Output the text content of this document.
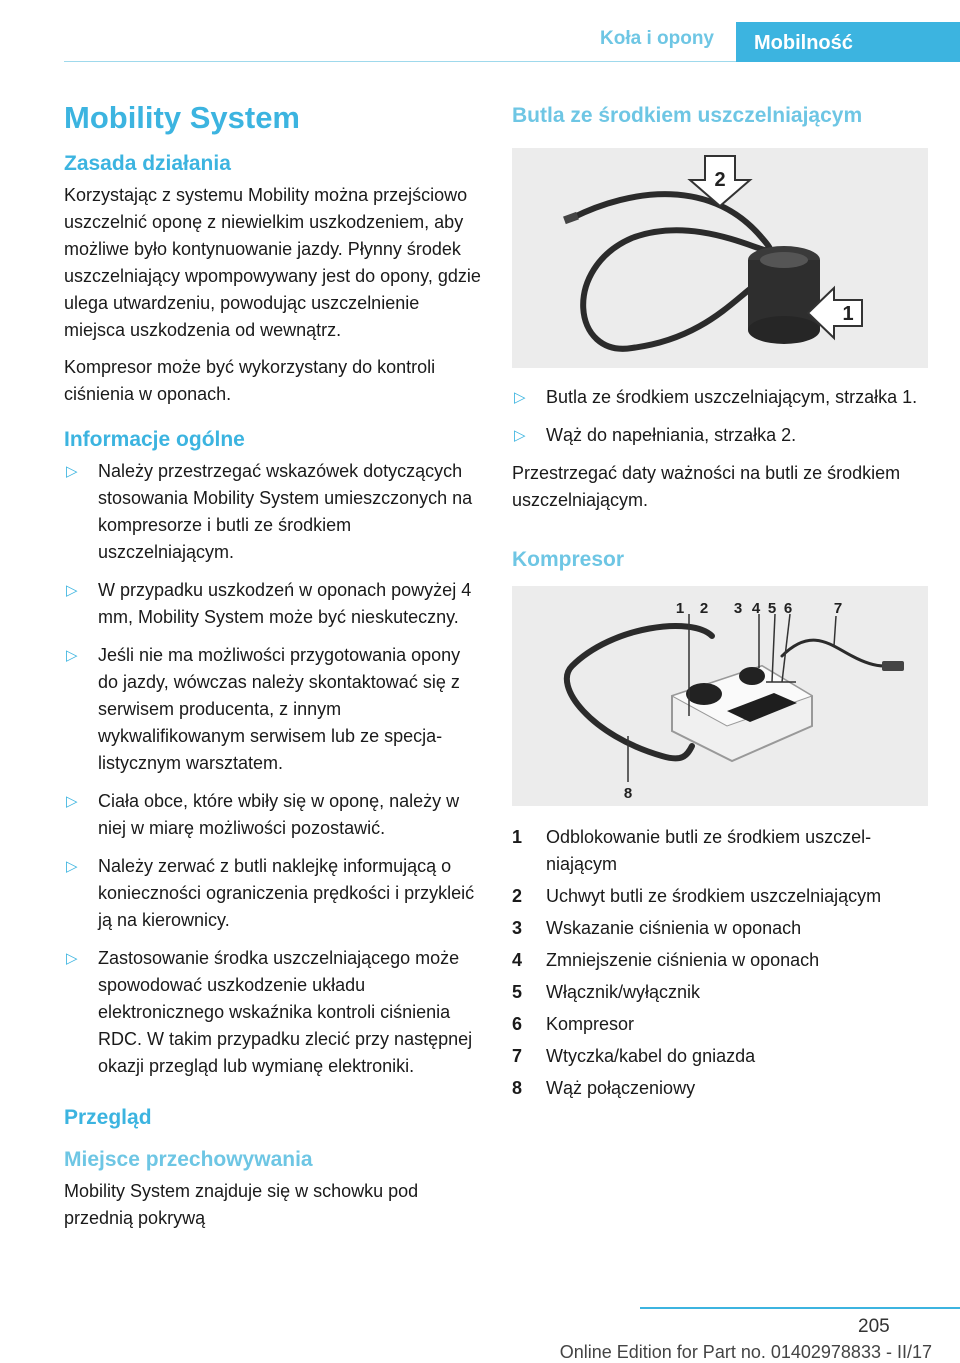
Koła i opony	Mobilność
Mobility System
Zasada działania

Korzystając z systemu Mobility można przejściowo uszczelnić oponę z niewielkim uszkodzeniem, aby możliwe było kontynuowanie jazdy. Płynny środek uszczelniający wpompowywany jest do opony, gdzie ulega utwardzeniu, powodując uszczelnienie miejsca uszkodzenia od wewnątrz.

Kompresor może być wykorzystany do kontroli ciśnienia w oponach.

Informacje ogólne
▷ Należy przestrzegać wskazówek dotyczących stosowania Mobility System umieszczonych na kompresorze i butli ze środkiem uszczelniającym.
▷ W przypadku uszkodzeń w oponach powyżej 4 mm, Mobility System może być nieskuteczny.
▷ Jeśli nie ma możliwości przygotowania opony do jazdy, wówczas należy skontaktować się z serwisem producenta, z innym wykwalifikowanym serwisem lub ze specjalistycznym warsztatem.
▷ Ciała obce, które wbiły się w oponę, należy w niej w miarę możliwości pozostawić.
▷ Należy zerwać z butli naklejkę informującą o konieczności ograniczenia prędkości i przykleić ją na kierownicy.
▷ Zastosowanie środka uszczelniającego może spowodować uszkodzenie układu elektronicznego wskaźnika kontroli ciśnienia RDC. W takim przypadku zlecić przy następnej okazji przegląd lub wymianę elektroniki.
Przegląd
Miejsce przechowywania

Mobility System znajduje się w schowku pod przednią pokrywą

Butla ze środkiem uszczelniającym
2
1
▷ Butla ze środkiem uszczelniającym, strzałka 1.
▷ Wąż do napełniania, strzałka 2.

Przestrzegać daty ważności na butli ze środkiem uszczelniającym.

Kompresor
1 2 3 4 5 6	7
8
1 Odblokowanie butli ze środkiem uszczelniającym
2 Uchwyt butli ze środkiem uszczelniającym
3 Wskazanie ciśnienia w oponach
4 Zmniejszenie ciśnienia w oponach
5 Włącznik/wyłącznik
6 Kompresor
7 Wtyczka/kabel do gniazda
8 Wąż połączeniowy
205
Online Edition for Part no. 01402978833 - II/17
